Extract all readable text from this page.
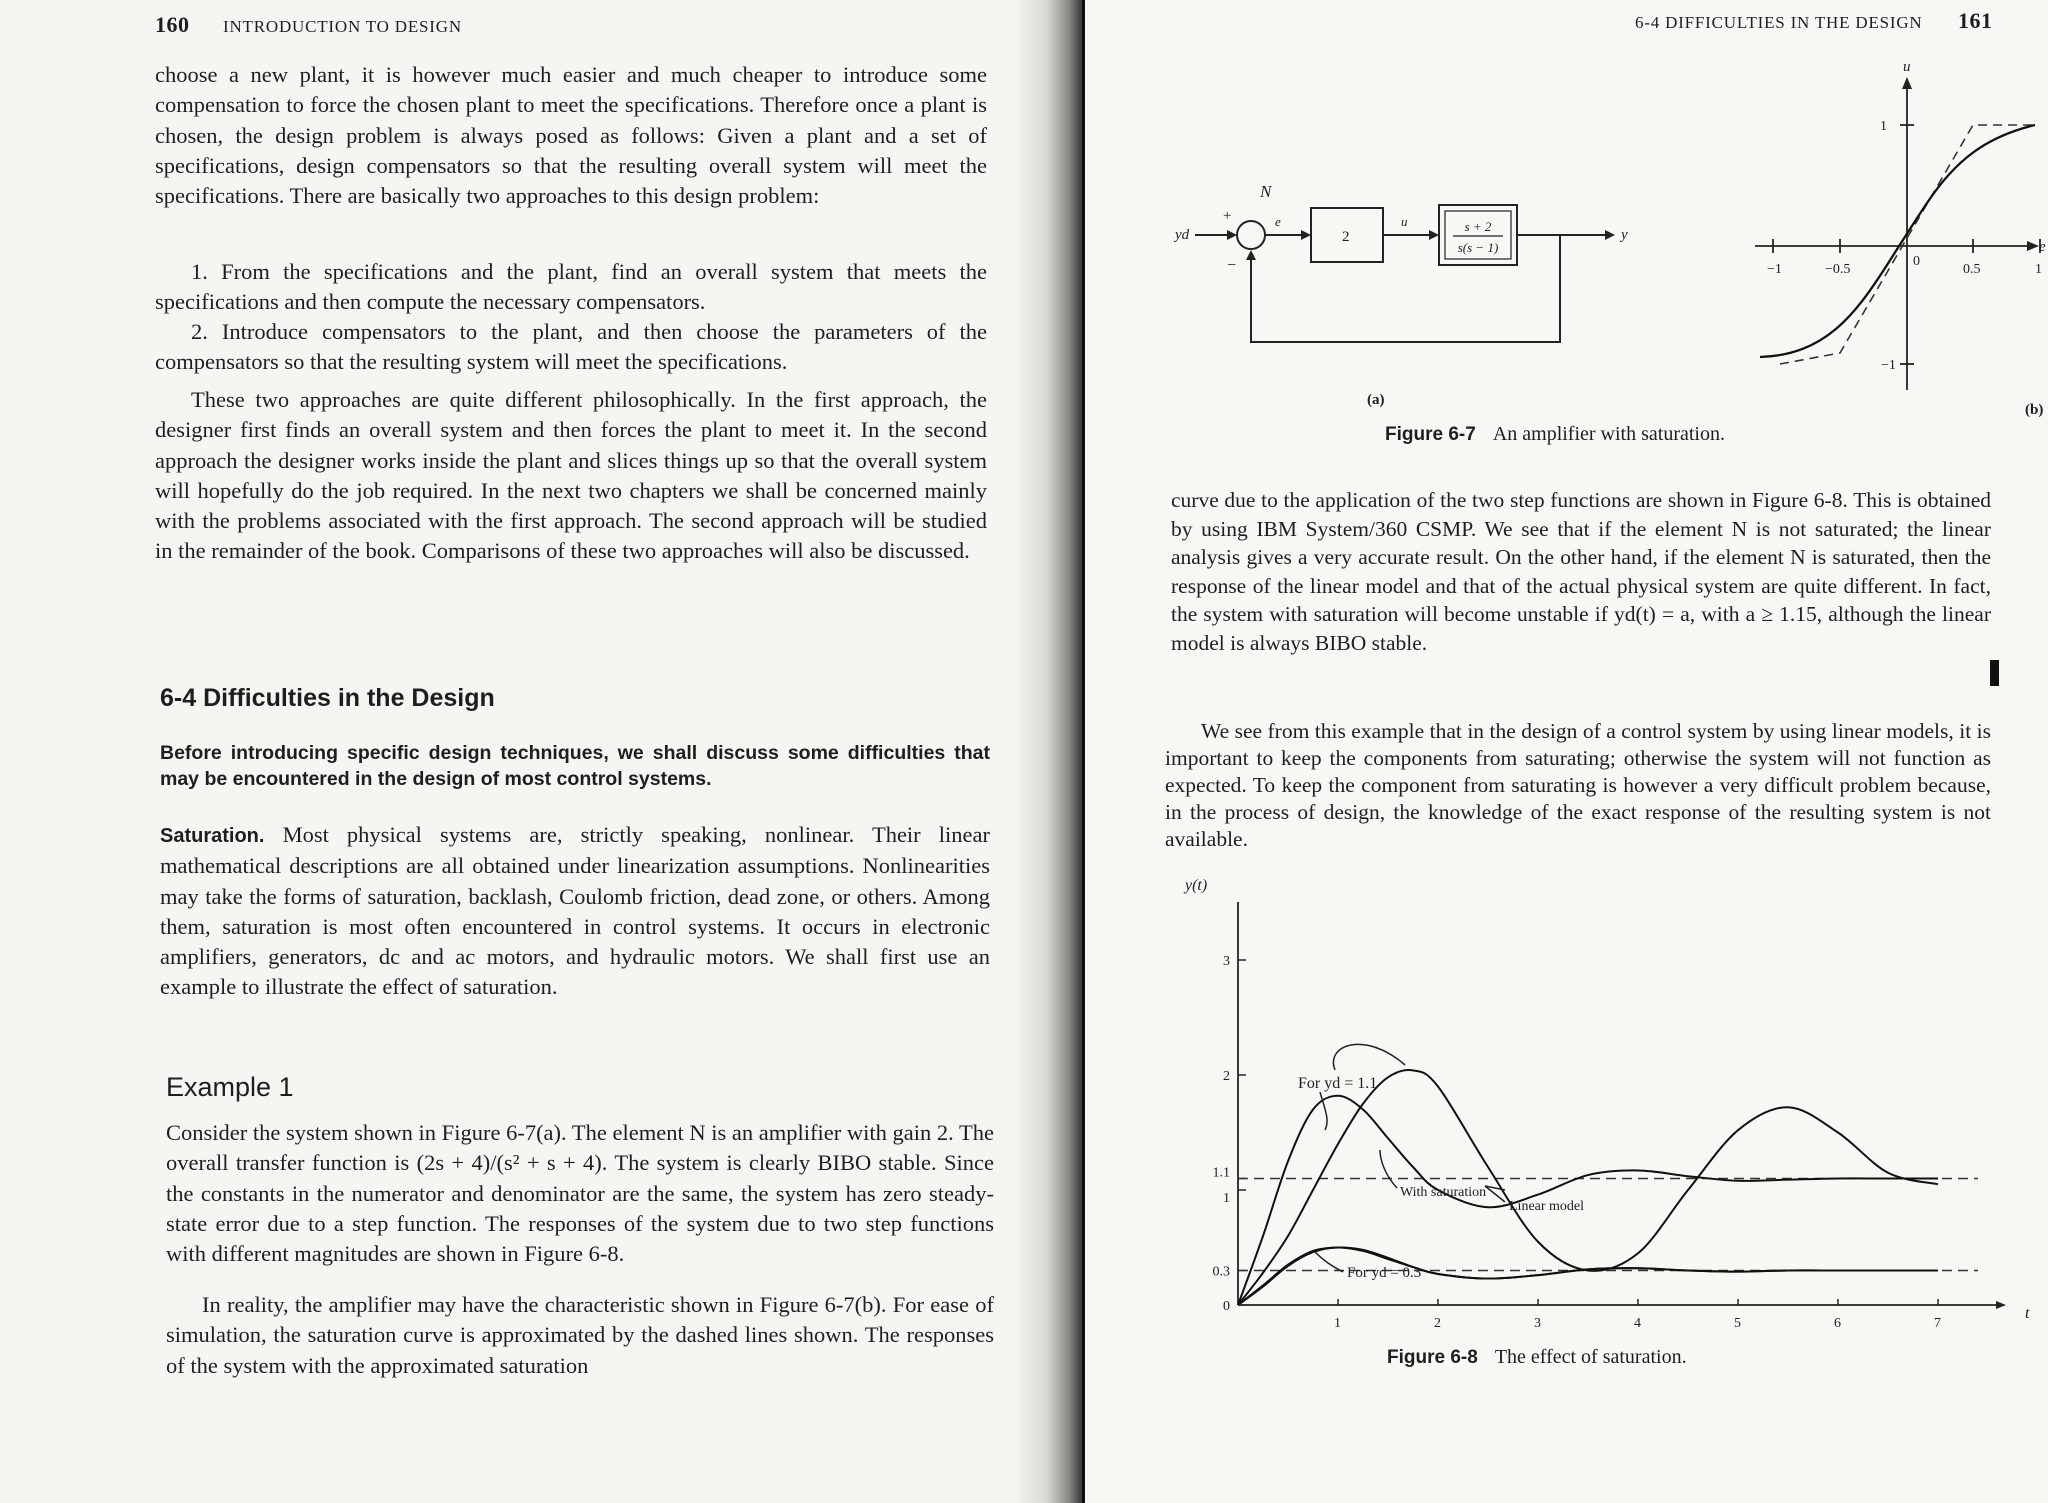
160 INTRODUCTION TO DESIGN

choose a new plant, it is however much easier and much cheaper to introduce some compensation to force the chosen plant to meet the specifications. Therefore once a plant is chosen, the design problem is always posed as follows: Given a plant and a set of specifications, design compensators so that the resulting overall system will meet the specifications. There are basically two approaches to this design problem:

1. From the specifications and the plant, find an overall system that meets the specifications and then compute the necessary compensators.

2. Introduce compensators to the plant, and then choose the parameters of the compensators so that the resulting system will meet the specifications.

These two approaches are quite different philosophically. In the first approach, the designer first finds an overall system and then forces the plant to meet it. In the second approach the designer works inside the plant and slices things up so that the overall system will hopefully do the job required. In the next two chapters we shall be concerned mainly with the problems associated with the first approach. The second approach will be studied in the remainder of the book. Comparisons of these two approaches will also be discussed.

6-4 Difficulties in the Design

Before introducing specific design techniques, we shall discuss some difficulties that may be encountered in the design of most control systems.

Saturation. Most physical systems are, strictly speaking, nonlinear. Their linear mathematical descriptions are all obtained under linearization assumptions. Nonlinearities may take the forms of saturation, backlash, Coulomb friction, dead zone, or others. Among them, saturation is most often encountered in control systems. It occurs in electronic amplifiers, generators, dc and ac motors, and hydraulic motors. We shall first use an example to illustrate the effect of saturation.

Example 1

Consider the system shown in Figure 6-7(a). The element N is an amplifier with gain 2. The overall transfer function is (2s + 4)/(s² + s + 4). The system is clearly BIBO stable. Since the constants in the numerator and denominator are the same, the system has zero steady-state error due to a step function. The responses of the system due to two step functions with different magnitudes are shown in Figure 6-8.

In reality, the amplifier may have the characteristic shown in Figure 6-7(b). For ease of simulation, the saturation curve is approximated by the dashed lines shown. The responses of the system with the approximated saturation

6-4 DIFFICULTIES IN THE DESIGN 161
N
yd
+
−
e
2
u	s + 2
s(s − 1)
y
(a)
u
e
1
−1
−1	−0.5
0
0.5	1
(b)
Figure 6-7 An amplifier with saturation.

curve due to the application of the two step functions are shown in Figure 6-8. This is obtained by using IBM System/360 CSMP. We see that if the element N is not saturated; the linear analysis gives a very accurate result. On the other hand, if the element N is saturated, then the response of the linear model and that of the actual physical system are quite different. In fact, the system with saturation will become unstable if yd(t) = a, with a ≥ 1.15, although the linear model is always BIBO stable.

We see from this example that in the design of a control system by using linear models, it is important to keep the components from saturating; otherwise the system will not function as expected. To keep the component from saturating is however a very difficult problem because, in the process of design, the knowledge of the exact response of the resulting system is not available.

y(t)
t
1	2	3	4	5	6	7
0
0.3
1
1.1
2
3
For yd = 1.1
For yd = 0.3
With saturation
Linear model
Figure 6-8 The effect of saturation.
